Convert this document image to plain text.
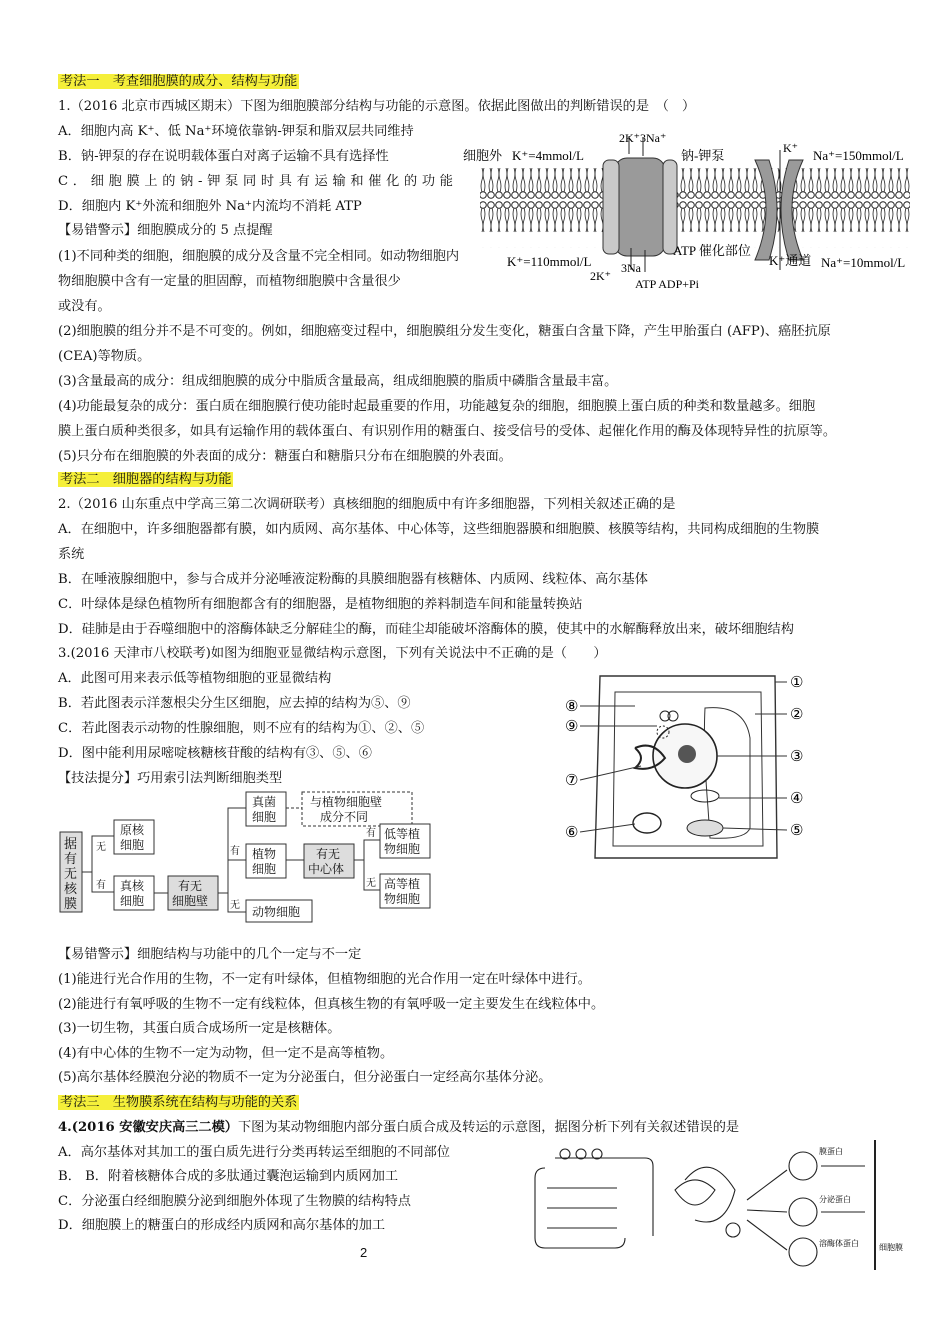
考法一　考查细胞膜的成分、结构与功能
1.（2016 北京市西城区期末）下图为细胞膜部分结构与功能的示意图。依据此图做出的判断错误的是　（　）
A．细胞内高 K⁺、低 Na⁺环境依靠钠-钾泵和脂双层共同维持
B．钠-钾泵的存在说明载体蛋白对离子运输不具有选择性
C．细胞膜上的钠-钾泵同时具有运输和催化的功能
D．细胞内 K⁺外流和细胞外 Na⁺内流均不消耗 ATP
【易错警示】细胞膜成分的 5 点提醒
(1)不同种类的细胞，细胞膜的成分及含量不完全相同。如动物细胞内
物细胞膜中含有一定量的胆固醇，而植物细胞膜中含量很少
或没有。
(2)细胞膜的组分并不是不可变的。例如，细胞癌变过程中，细胞膜组分发生变化，糖蛋白含量下降，产生甲胎蛋白 (AFP)、癌胚抗原
(CEA)等物质。
(3)含量最高的成分：组成细胞膜的成分中脂质含量最高，组成细胞膜的脂质中磷脂含量最丰富。
(4)功能最复杂的成分：蛋白质在细胞膜行使功能时起最重要的作用，功能越复杂的细胞，细胞膜上蛋白质的种类和数量越多。细胞
膜上蛋白质种类很多，如具有运输作用的载体蛋白、有识别作用的糖蛋白、接受信号的受体、起催化作用的酶及体现特异性的抗原等。
(5)只分布在细胞膜的外表面的成分：糖蛋白和糖脂只分布在细胞膜的外表面。
细胞外 K⁺=4mmol/L
2K⁺3Na⁺
钠-钾泵	K⁺ Na⁺=150mmol/L
K⁺=110mmol/L
ATP 催化部位
K⁺通道 Na⁺=10mmol/L
2K⁺
3Na
ATP ADP+Pi
考法二　细胞器的结构与功能
2.（2016 山东重点中学高三第二次调研联考）真核细胞的细胞质中有许多细胞器，下列相关叙述正确的是
A．在细胞中，许多细胞器都有膜，如内质网、高尔基体、中心体等，这些细胞器膜和细胞膜、核膜等结构，共同构成细胞的生物膜
系统
B．在唾液腺细胞中，参与合成并分泌唾液淀粉酶的具膜细胞器有核糖体、内质网、线粒体、高尔基体
C．叶绿体是绿色植物所有细胞都含有的细胞器，是植物细胞的养料制造车间和能量转换站
D．硅肺是由于吞噬细胞中的溶酶体缺乏分解硅尘的酶，而硅尘却能破坏溶酶体的膜，使其中的水解酶释放出来，破坏细胞结构
3.(2016 天津市八校联考)如图为细胞亚显微结构示意图，下列有关说法中不正确的是（　　）
A．此图可用来表示低等植物细胞的亚显微结构
B．若此图表示洋葱根尖分生区细胞，应去掉的结构为⑤、⑨
C．若此图表示动物的性腺细胞，则不应有的结构为①、②、⑤
D．图中能利用尿嘧啶核糖核苷酸的结构有③、⑤、⑥
【技法提分】巧用索引法判断细胞类型
①
②
③
④
⑤
⑥
⑦
⑧
⑨
据有无核膜
无
有
原核细胞
真核细胞
有无细胞壁
有
无
真菌细胞
与植物细胞壁成分不同
植物细胞
有无中心体
有
无
低等植物细胞
高等植物细胞
动物细胞
【易错警示】细胞结构与功能中的几个一定与不一定
(1)能进行光合作用的生物，不一定有叶绿体，但植物细胞的光合作用一定在叶绿体中进行。
(2)能进行有氧呼吸的生物不一定有线粒体，但真核生物的有氧呼吸一定主要发生在线粒体中。
(3)一切生物，其蛋白质合成场所一定是核糖体。
(4)有中心体的生物不一定为动物，但一定不是高等植物。
(5)高尔基体经膜泡分泌的物质不一定为分泌蛋白，但分泌蛋白一定经高尔基体分泌。
考法三　生物膜系统在结构与功能的关系
4.(2016 安徽安庆高三二模）下图为某动物细胞内部分蛋白质合成及转运的示意图，据图分析下列有关叙述错误的是
A．高尔基体对其加工的蛋白质先进行分类再转运至细胞的不同部位
B． B．附着核糖体合成的多肽通过囊泡运输到内质网加工
C．分泌蛋白经细胞膜分泌到细胞外体现了生物膜的结构特点
D．细胞膜上的糖蛋白的形成经内质网和高尔基体的加工
膜蛋白
分泌蛋白
溶酶体蛋白	细胞膜
2
